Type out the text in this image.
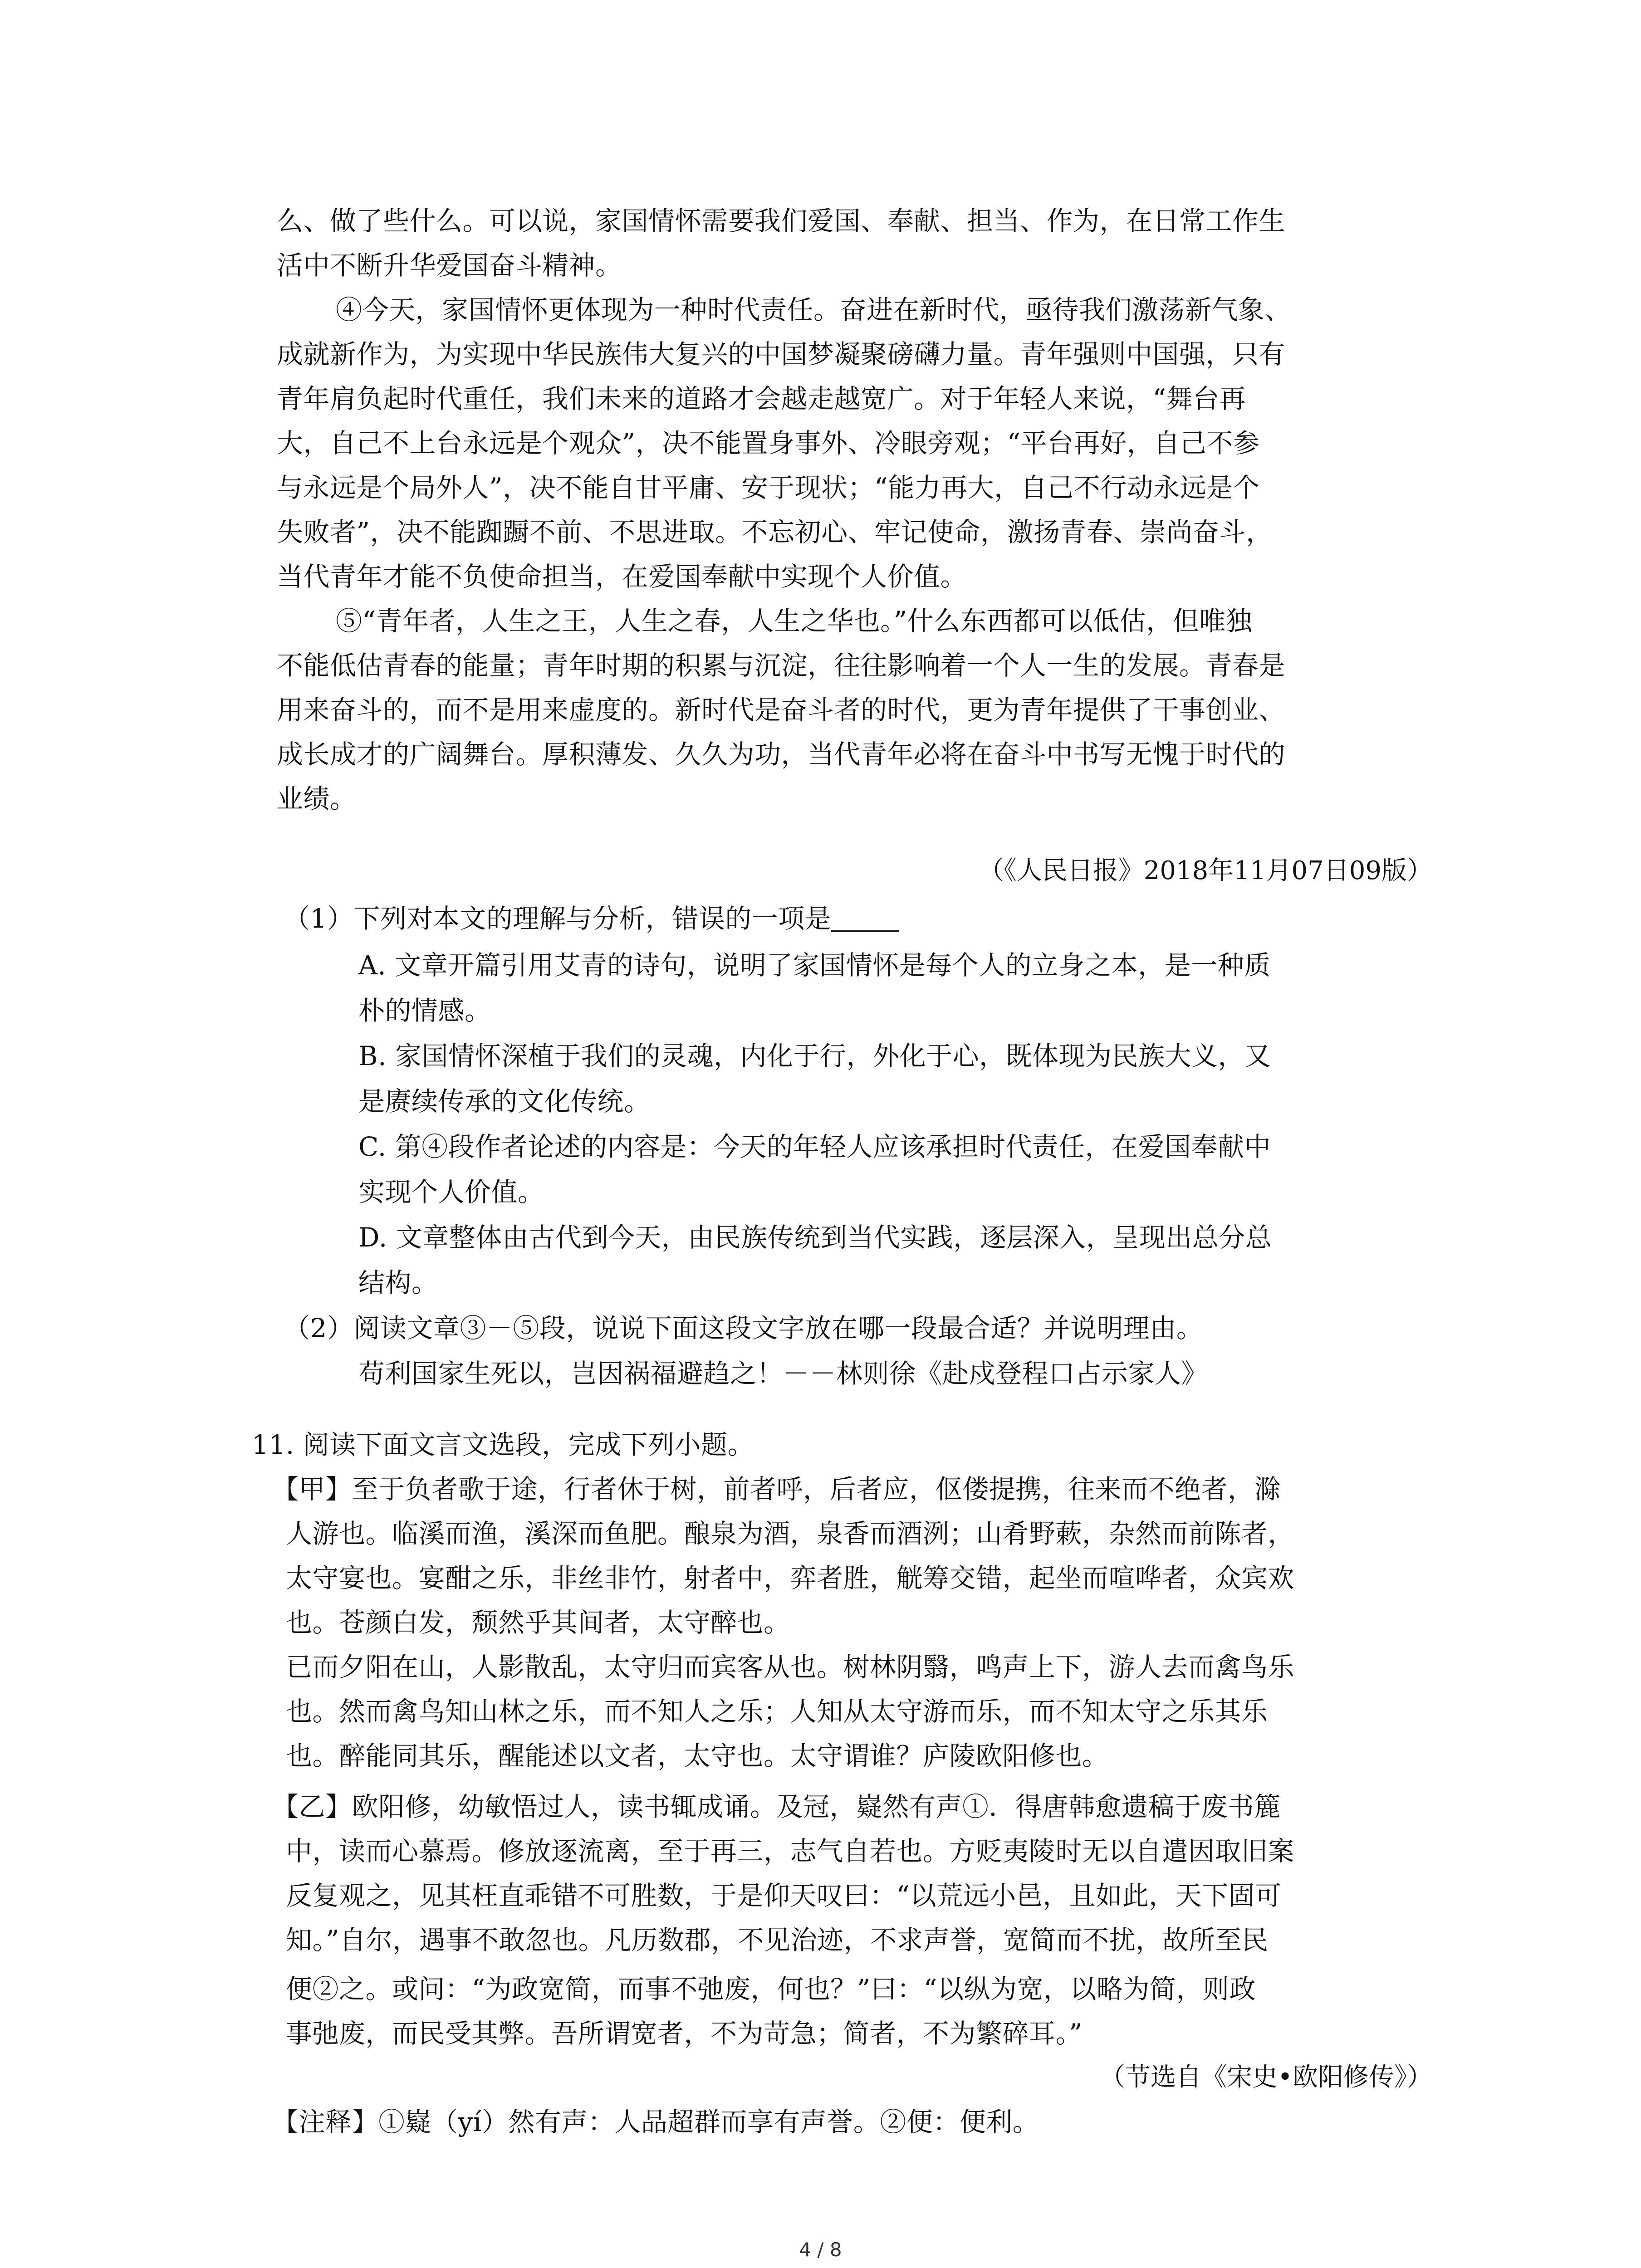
么、做了些什么。可以说，家国情怀需要我们爱国、奉献、担当、作为，在日常工作生
活中不断升华爱国奋斗精神。
④今天，家国情怀更体现为一种时代责任。奋进在新时代，亟待我们激荡新气象、
成就新作为，为实现中华民族伟大复兴的中国梦凝聚磅礴力量。青年强则中国强，只有
青年肩负起时代重任，我们未来的道路才会越走越宽广。对于年轻人来说，“舞台再
大，自己不上台永远是个观众”，决不能置身事外、冷眼旁观；“平台再好，自己不参
与永远是个局外人”，决不能自甘平庸、安于现状；“能力再大，自己不行动永远是个
失败者”，决不能踟蹰不前、不思进取。不忘初心、牢记使命，激扬青春、崇尚奋斗，
当代青年才能不负使命担当，在爱国奉献中实现个人价值。
⑤“青年者，人生之王，人生之春，人生之华也。”什么东西都可以低估，但唯独
不能低估青春的能量；青年时期的积累与沉淀，往往影响着一个人一生的发展。青春是
用来奋斗的，而不是用来虚度的。新时代是奋斗者的时代，更为青年提供了干事创业、
成长成才的广阔舞台。厚积薄发、久久为功，当代青年必将在奋斗中书写无愧于时代的
业绩。
（《人民日报》2018年11月07日09版）
（1）下列对本文的理解与分析，错误的一项是
A. 文章开篇引用艾青的诗句，说明了家国情怀是每个人的立身之本，是一种质
朴的情感。
B. 家国情怀深植于我们的灵魂，内化于行，外化于心，既体现为民族大义，又
是赓续传承的文化传统。
C. 第④段作者论述的内容是：今天的年轻人应该承担时代责任，在爱国奉献中
实现个人价值。
D. 文章整体由古代到今天，由民族传统到当代实践，逐层深入，呈现出总分总
结构。
（2）阅读文章③－⑤段，说说下面这段文字放在哪一段最合适？并说明理由。
苟利国家生死以，岂因祸福避趋之！－－林则徐《赴戍登程口占示家人》
11. 阅读下面文言文选段，完成下列小题。
【甲】至于负者歌于途，行者休于树，前者呼，后者应，伛偻提携，往来而不绝者，滁
人游也。临溪而渔，溪深而鱼肥。酿泉为酒，泉香而酒洌；山肴野蔌，杂然而前陈者，
太守宴也。宴酣之乐，非丝非竹，射者中，弈者胜，觥筹交错，起坐而喧哗者，众宾欢
也。苍颜白发，颓然乎其间者，太守醉也。
已而夕阳在山，人影散乱，太守归而宾客从也。树林阴翳，鸣声上下，游人去而禽鸟乐
也。然而禽鸟知山林之乐，而不知人之乐；人知从太守游而乐，而不知太守之乐其乐
也。醉能同其乐，醒能述以文者，太守也。太守谓谁？庐陵欧阳修也。
【乙】欧阳修，幼敏悟过人，读书辄成诵。及冠，嶷然有声①．得唐韩愈遗稿于废书簏
中，读而心慕焉。修放逐流离，至于再三，志气自若也。方贬夷陵时无以自遣因取旧案
反复观之，见其枉直乖错不可胜数，于是仰天叹曰：“以荒远小邑，且如此，天下固可
知。”自尔，遇事不敢忽也。凡历数郡，不见治迹，不求声誉，宽简而不扰，故所至民
便②之。或问：“为政宽简，而事不弛废，何也？”曰：“以纵为宽，以略为简，则政
事弛废，而民受其弊。吾所谓宽者，不为苛急；简者，不为繁碎耳。”
（节选自《宋史•欧阳修传》）
【注释】①嶷（yí）然有声：人品超群而享有声誉。②便：便利。
4 / 8
